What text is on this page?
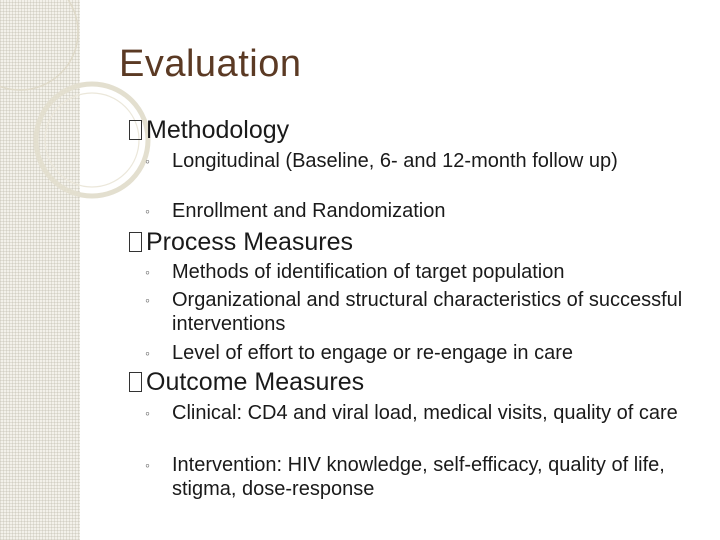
Evaluation
Methodology
◦	Longitudinal (Baseline, 6- and 12-month follow up)
◦	Enrollment and Randomization
Process Measures
◦	Methods of identification of target population
◦	Organizational and structural characteristics of successful interventions
◦	Level of effort to engage or re-engage in care
Outcome Measures
◦	Clinical: CD4 and viral load, medical visits, quality of care
◦	Intervention: HIV knowledge, self-efficacy, quality of life, stigma, dose-response
